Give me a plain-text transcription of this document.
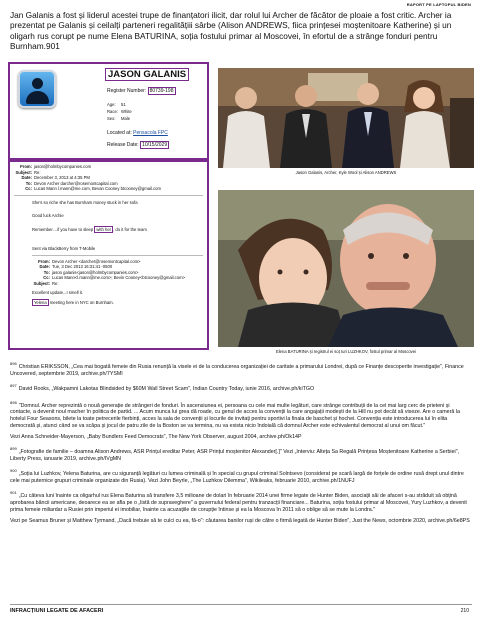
RAPORT PE LAPTOPUL BIDEN
Jan Galanis a fost și liderul acestei trupe de finanțatori ilicit, dar rolul lui Archer de făcător de ploaie a fost critic. Archer ia prezentat pe Galanis și ceilalți parteneri regalitățiii sârbe (Alison ANDREWS, fiica prințesei moștenitoare Katherine) și un oligarh rus corupt pe nume Elena BATURINA, soția fostului primar al Moscovei, în efortul de a strânge fonduri pentru Burnham.901
JASON GALANIS
Register Number: 80739-198
Age: 51
Race: White
Sex: Male
Located at: Pensacola FPC
Release Date: 10/15/2029
From: jason@holmbycompanies.com
Subject: Re:
Date: December 3, 2013 at 4:35 PM
To: Devon Archer darcher@rosemontcapital.com
Cc: Lucas Mann l.mann@me.com, Bevan Cooney btcooney@gmail.com
She's so riche she has Burnham money stuck in her sofa
Good luck Archie
Remember....if you have to sleep with her , do it for the team
Sent via BlackBerry from T-Mobile
From: Devon Archer <darcher@rosemontcapital.com>
Date: Tue, 3 Dec 2013 16:31:41 -0500
To: jason galanis<jason@holmbycompanies.com>
Cc: Lucas Mann<l.mann@me.com>; Bevin Cooney<btcooney@gmail.com>
Subject: Re:
Excellent update...I smell it.
Yelena meeting here in NYC on Burnham.
Jason Galanis, Archer, Kyle Wool și Alison ANDREWS
Elena BATURINA și registrul ei soț Iuri LUZHKOV, fostul primar al Moscovei
$^{896}$Christian ERIKSSON, „Cea mai bogată femeie din Rusia renunță la visele ei de la conducerea organizației de caritate a primarului Londrei, după ce Finanțe descoperite investigație", Finance Uncovered, septembrie 2019, archive.ph/7YSMI
$^{897}$David Rooks, „Wakpamni Lakotas Blindsided by $60M Wall Street Scam", Indian Country Today, iunie 2016, archive.ph/kiTGO
$^{898}$"Domnul. Archer reprezintă o nouă generație de strângeri de fonduri. În ascensiunea ei, persoana cu cele mai multe legături, care strânge contribuții de la cel mai larg cerc de prieteni și contacte, a devenit noul macher în politica de partid. ... Acum munca lui grea dă roade, cu genul de acces la convenții la care angajații modești de la Hill nu pot decât să viseze. Are o cameră la hotelul Four Seasons, bilete la toate petrecerile fierbinți, acces la sala de convenții și locurile de invitați pentru sportivi la finala de baschet și hochei. Convenția este introducerea lui în elita democrată și, atunci când se va scăpa și jocul de patru zile de la Boston se va termina, nu va exista nicio îndoială că domnul Archer este echivalentul democrat al unui om făcut."
Vezi Anna Schneider-Mayerson, „Baby Bundlers Feed Democrats", The New York Observer, august 2004, archive.ph/Ok14P
$^{899}$„Fotografie de familie – doamna Alison Andrews, ASR Prințul ereditar Peter, ASR Prințul moștenitor Alexander[.]" Vezi „Interviu: Alteța Sa Regală Prințesa Moștenitoare Katherine a Serbiei", Liberty Press, ianuarie 2019, archive.ph/IVgMN
$^{900}$„Soția lui Luzhkov, Yelena Baturina, are cu siguranță legături cu lumea criminală și în special cu grupul criminal Solntsevo (considerat pe scară largă de forțele de ordine rusă drept unul dintre cele mai puternice grupuri criminale organizate din Rusia). Vezi John Beyrle, „The Luzhkov Dilemma", Wikileaks, februarie 2010, archive.ph/1NUFJ
$^{901}$„Cu câteva luni înainte ca oligarhul rus Elena Baturina să transfere 3,5 milioane de dolari în februarie 2014 unei firme legate de Hunter Biden, asociații săi de afaceri s-au străduit să obțină aprobarea băncii americane, deoarece ea se afla pe o „listă de supraveghere" a guvernului federal pentru tranzacții financiare... Baturina, soția fostului primar al Moscovei, Yury Luzhkov, a devenit prima femeie miliardar a Rusiei prin imperiul ei imobiliar, înainte ca acuzațiile de corupție întinse și ea la Moscova în 2011 să o oblige să se mute la Londra."
Vezi pe Seamus Bruner și Matthew Tyrmand, „Dacă trebuie să te culci cu ea, fă-o": căutarea banilor ruși de către o firmă legată de Hunter Biden", Just the News, octombrie 2020, archive.ph/6e8PS
INFRACȚIUNI LEGATE DE AFACERI	210
